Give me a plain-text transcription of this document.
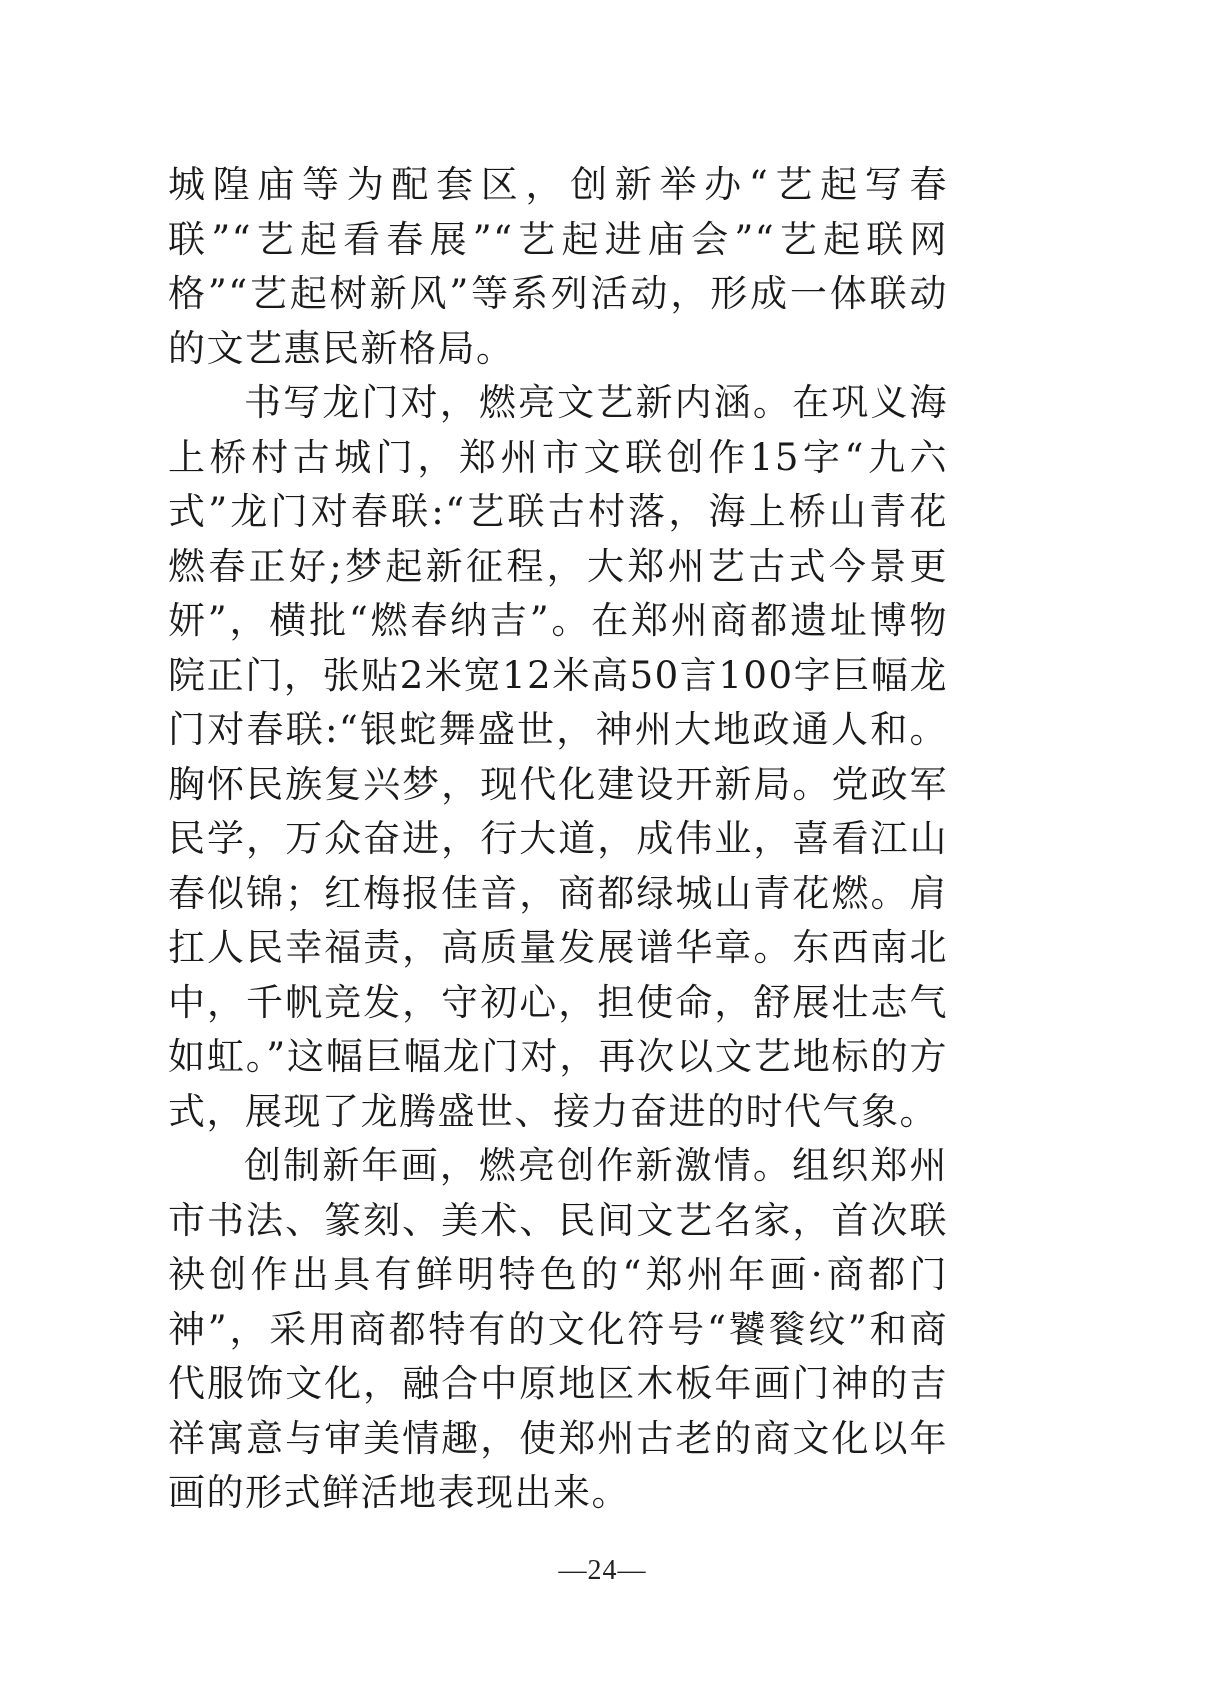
城隍庙等为配套区，创新举办“艺起写春联”“艺起看春展”“艺起进庙会”“艺起联网格”“艺起树新风”等系列活动，形成一体联动的文艺惠民新格局。

书写龙门对，燃亮文艺新内涵。在巩义海上桥村古城门，郑州市文联创作15字“九六式”龙门对春联:“艺联古村落，海上桥山青花燃春正好;梦起新征程，大郑州艺古式今景更妍”，横批“燃春纳吉”。在郑州商都遗址博物院正门，张贴2米宽12米高50言100字巨幅龙门对春联:“银蛇舞盛世，神州大地政通人和。胸怀民族复兴梦，现代化建设开新局。党政军民学，万众奋进，行大道，成伟业，喜看江山春似锦；红梅报佳音，商都绿城山青花燃。肩扛人民幸福责，高质量发展谱华章。东西南北中，千帆竞发，守初心，担使命，舒展壮志气如虹。”这幅巨幅龙门对，再次以文艺地标的方式，展现了龙腾盛世、接力奋进的时代气象。

创制新年画，燃亮创作新激情。组织郑州市书法、篆刻、美术、民间文艺名家，首次联袂创作出具有鲜明特色的“郑州年画·商都门神”，采用商都特有的文化符号“饕餮纹”和商代服饰文化，融合中原地区木板年画门神的吉祥寓意与审美情趣，使郑州古老的商文化以年画的形式鲜活地表现出来。

—24—
